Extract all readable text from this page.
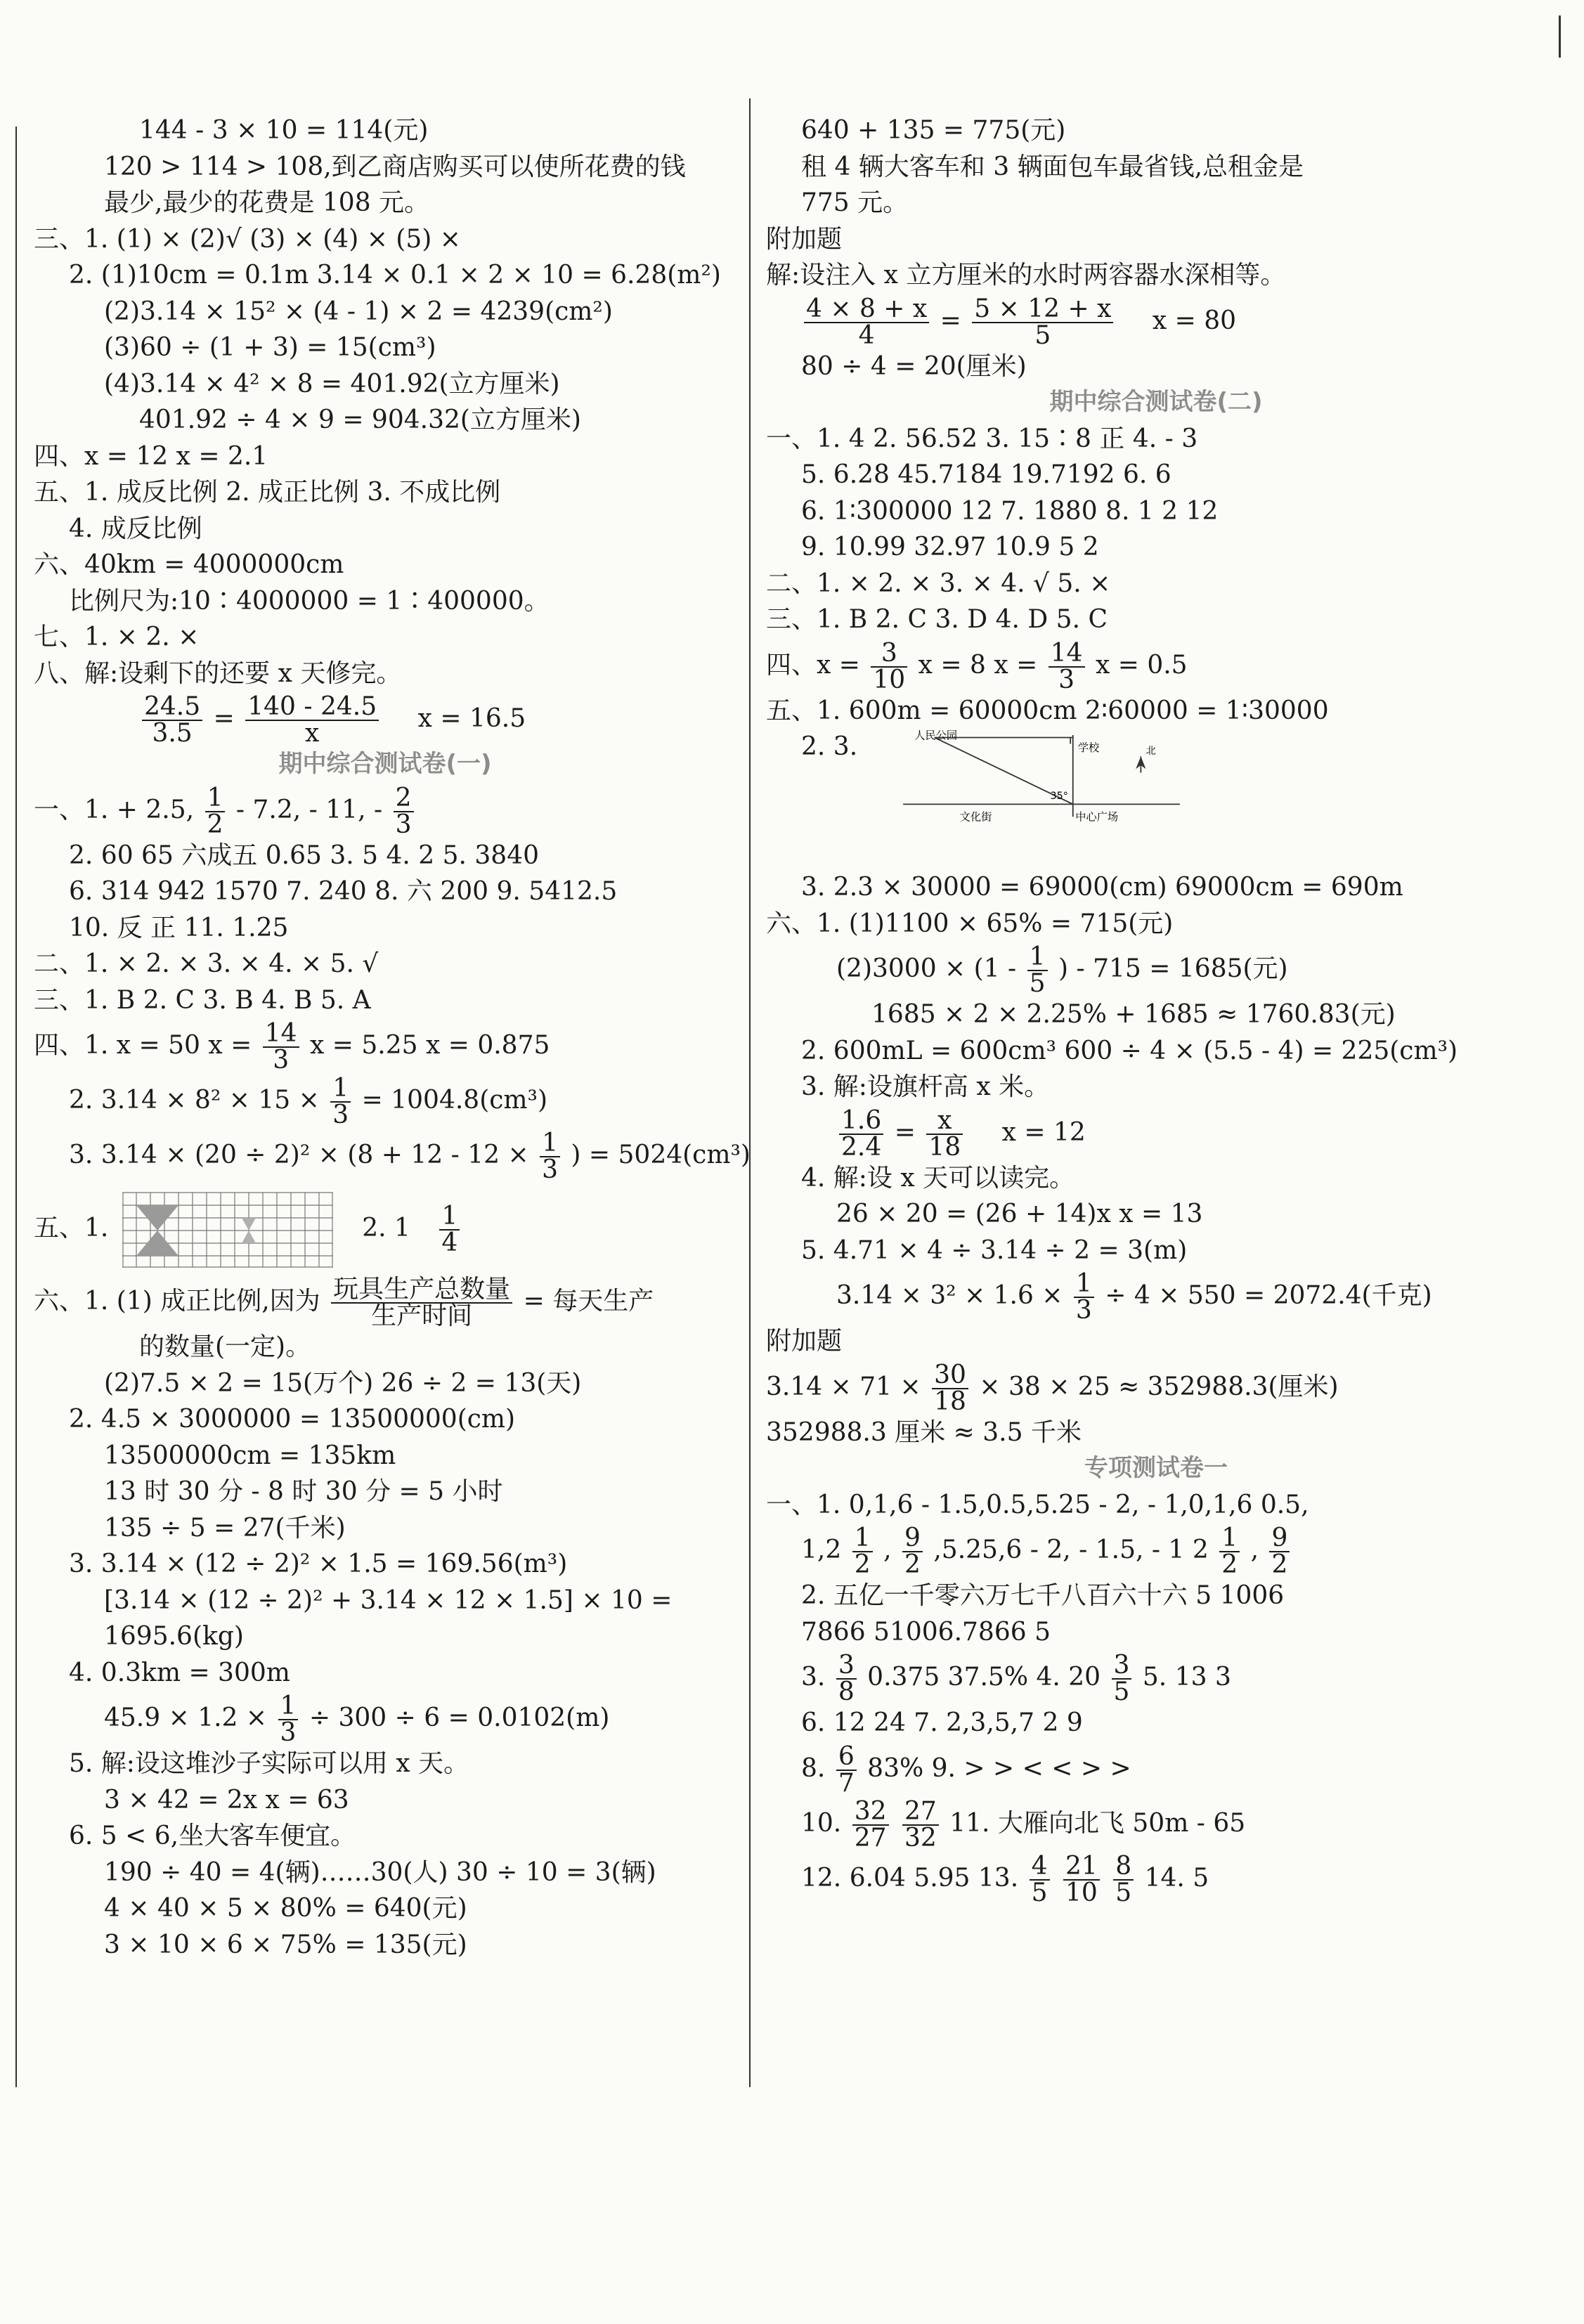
144 - 3 × 10 = 114(元)
120 > 114 > 108,到乙商店购买可以使所花费的钱
最少,最少的花费是 108 元。
三、1. (1) × (2)√ (3) × (4) × (5) ×
2. (1)10cm = 0.1m 3.14 × 0.1 × 2 × 10 = 6.28(m²)
(2)3.14 × 15² × (4 - 1) × 2 = 4239(cm²)
(3)60 ÷ (1 + 3) = 15(cm³)
(4)3.14 × 4² × 8 = 401.92(立方厘米)
401.92 ÷ 4 × 9 = 904.32(立方厘米)
四、x = 12 x = 2.1
五、1. 成反比例 2. 成正比例 3. 不成比例
4. 成反比例
六、40km = 4000000cm
比例尺为:10∶4000000 = 1∶400000。
七、1. × 2. ×
八、解:设剩下的还要 x 天修完。
$\frac{24.5}{3.5} = \frac{140 - 24.5}{x}$ x = 16.5
期中综合测试卷(一)
一、1. + 2.5, $\frac{1}{2} - 7.2$, - 11, - $\frac{2}{3}$
2. 60 65 六成五 0.65 3. 5 4. 2 5. 3840
6. 314 942 1570 7. 240 8. 六 200 9. 5412.5
10. 反 正 11. 1.25
二、1. × 2. × 3. × 4. × 5. √
三、1. B 2. C 3. B 4. B 5. A
四、1. x = 50 $x = \frac{14}{3}$ x = 5.25 x = 0.875
2. $3.14 \times 8^2 \times 15 \times \frac{1}{3} = 1004.8(cm^3)$
3. $3.14 \times (20 \div 2)^2 \times (8 + 12 - 12 \times \frac{1}{3}$ ) = 5024(cm³)
五、1.	2. $1 \frac{1}{4}$
六、1. (1) 成正比例,因为 $\frac{\text{玩具生产总数量}}{\text{生产时间}}$ = 每天生产
的数量(一定)。
(2)7.5 × 2 = 15(万个) 26 ÷ 2 = 13(天)
2. 4.5 × 3000000 = 13500000(cm)
13500000cm = 135km
13 时 30 分 - 8 时 30 分 = 5 小时
135 ÷ 5 = 27(千米)
3. 3.14 × (12 ÷ 2)² × 1.5 = 169.56(m³)
[3.14 × (12 ÷ 2)² + 3.14 × 12 × 1.5] × 10 =
1695.6(kg)
4. 0.3km = 300m
$45.9 \times 1.2 \times \frac{1}{3} \div 300 \div 6 = 0.0102(m)$
5. 解:设这堆沙子实际可以用 x 天。
3 × 42 = 2x x = 63
6. 5 < 6,坐大客车便宜。
190 ÷ 40 = 4(辆)……30(人) 30 ÷ 10 = 3(辆)
4 × 40 × 5 × 80% = 640(元)
3 × 10 × 6 × 75% = 135(元)
640 + 135 = 775(元)
租 4 辆大客车和 3 辆面包车最省钱,总租金是
775 元。
附加题
解:设注入 x 立方厘米的水时两容器水深相等。
$\frac{4 \times 8 + x}{4} = \frac{5 \times 12 + x}{5}$ x = 80
80 ÷ 4 = 20(厘米)
期中综合测试卷(二)
一、1. 4 2. 56.52 3. 15∶8 正 4. - 3
5. 6.28 45.7184 19.7192 6. 6
6. 1∶300000 12 7. 1880 8. 1 2 12
9. 10.99 32.97 10.9 5 2
二、1. × 2. × 3. × 4. √ 5. ×
三、1. B 2. C 3. D 4. D 5. C
四、$x = \frac{3}{10}$ x = 8 $x = \frac{14}{3}$ x = 0.5
五、1. 600m = 60000cm 2∶60000 = 1∶30000
2. 3.	人民公园
学校
35°
文化街	中心广场
北
3. 2.3 × 30000 = 69000(cm) 69000cm = 690m
六、1. (1)1100 × 65% = 715(元)
$(2)3000 \times (1 - \frac{1}{5}$ ) - 715 = 1685(元)
1685 × 2 × 2.25% + 1685 ≈ 1760.83(元)
2. 600mL = 600cm³ 600 ÷ 4 × (5.5 - 4) = 225(cm³)
3. 解:设旗杆高 x 米。
$\frac{1.6}{2.4} = \frac{x}{18}$ x = 12
4. 解:设 x 天可以读完。
26 × 20 = (26 + 14)x x = 13
5. 4.71 × 4 ÷ 3.14 ÷ 2 = 3(m)
$3.14 \times 3^2 \times 1.6 \times \frac{1}{3} \div 4 \times 550 = 2072.4$(千克)
附加题
$3.14 \times 71 \times \frac{30}{18} \times 38 \times 25 \approx 352988.3$(厘米)
352988.3 厘米 ≈ 3.5 千米
专项测试卷一
一、1. 0,1,6 - 1.5,0.5,5.25 - 2, - 1,0,1,6 0.5,
$1,2 \frac{1}{2}$ , $\frac{9}{2} ,5.25,6 - 2$, - 1.5, - 1 $2 \frac{1}{2}$ , $\frac{9}{2}$
2. 五亿一千零六万七千八百六十六 5 1006
7866 51006.7866 5
3. $\frac{3}{8} 0.375$ 37.5% 4. $20 \frac{3}{5} 5$. 13 3
6. 12 24 7. 2,3,5,7 2 9
8. $\frac{6}{7} 83\%$ 9. > > < < > >
10. $\frac{32}{27}$
$\frac{27}{32} 11$. 大雁向北飞 50m - 65
12. 6.04 5.95 13. $\frac{4}{5}$
$\frac{21}{10}$
$\frac{8}{5} 14$. 5
